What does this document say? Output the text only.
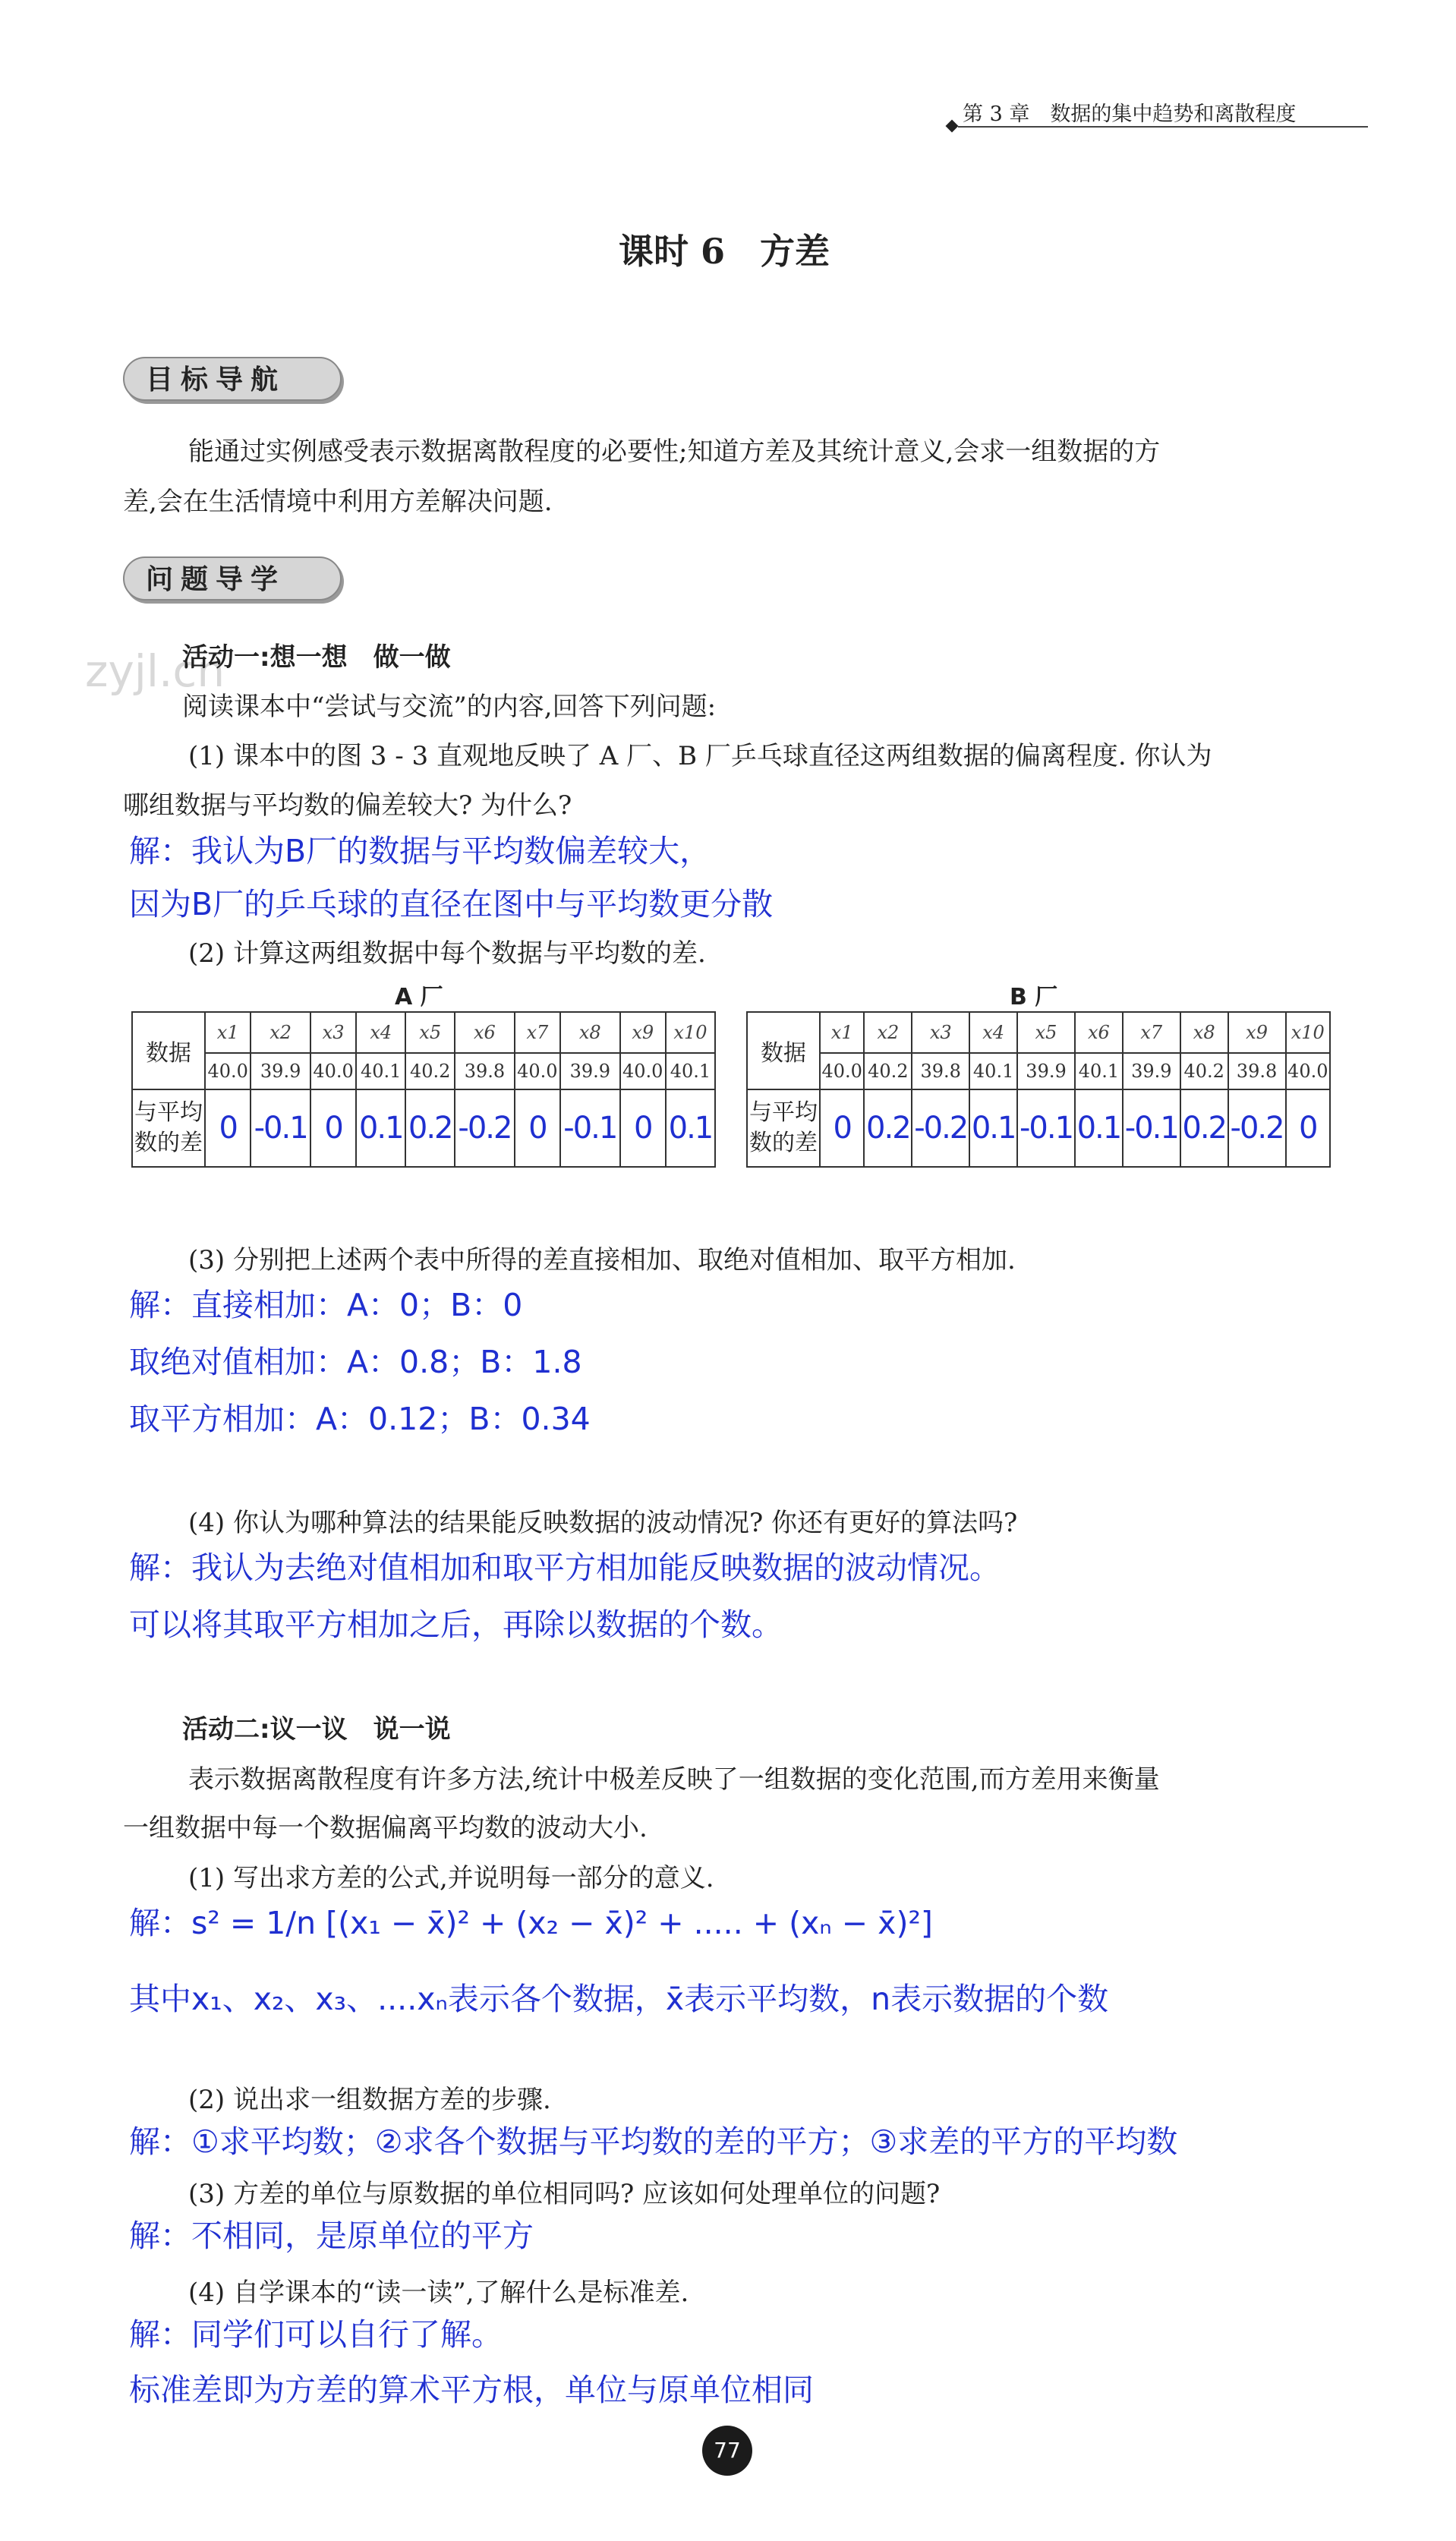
第 3 章　数据的集中趋势和离散程度
课时 6　方差
目标导航
能通过实例感受表示数据离散程度的必要性;知道方差及其统计意义,会求一组数据的方
差,会在生活情境中利用方差解决问题.
问题导学
zyjl.cn
活动一:想一想　做一做
阅读课本中“尝试与交流”的内容,回答下列问题:
(1) 课本中的图 3 - 3 直观地反映了 A 厂、B 厂乒乓球直径这两组数据的偏离程度. 你认为
哪组数据与平均数的偏差较大? 为什么?
解：我认为B厂的数据与平均数偏差较大，
因为B厂的乒乓球的直径在图中与平均数更分散
(2) 计算这两组数据中每个数据与平均数的差.
A 厂	B 厂
数据	x1	x2	x3	x4	x5	x6	x7	x8	x9	x10
	40.0	39.9	40.0	40.1	40.2	39.8	40.0	39.9	40.0	40.1
与平均
数的差	0	-0.1	0	0.1	0.2	-0.2	0	-0.1	0	0.1
数据	x1	x2	x3	x4	x5	x6	x7	x8	x9	x10
	40.0	40.2	39.8	40.1	39.9	40.1	39.9	40.2	39.8	40.0
与平均
数的差	0	0.2	-0.2	0.1	-0.1	0.1	-0.1	0.2	-0.2	0
(3) 分别把上述两个表中所得的差直接相加、取绝对值相加、取平方相加.
解：直接相加：A：0；B：0
取绝对值相加：A：0.8；B：1.8
取平方相加：A：0.12；B：0.34
(4) 你认为哪种算法的结果能反映数据的波动情况? 你还有更好的算法吗?
解：我认为去绝对值相加和取平方相加能反映数据的波动情况。
可以将其取平方相加之后，再除以数据的个数。
活动二:议一议　说一说
表示数据离散程度有许多方法,统计中极差反映了一组数据的变化范围,而方差用来衡量
一组数据中每一个数据偏离平均数的波动大小.
(1) 写出求方差的公式,并说明每一部分的意义.
解：s² = 1/n [(x₁ − x̄)² + (x₂ − x̄)² + ..... + (xₙ − x̄)²]
其中x₁、x₂、x₃、....xₙ表示各个数据，x̄表示平均数，n表示数据的个数
(2) 说出求一组数据方差的步骤.
解：①求平均数；②求各个数据与平均数的差的平方；③求差的平方的平均数
(3) 方差的单位与原数据的单位相同吗? 应该如何处理单位的问题?
解：不相同，是原单位的平方
(4) 自学课本的“读一读”,了解什么是标准差.
解：同学们可以自行了解。
标准差即为方差的算术平方根，单位与原单位相同
77
